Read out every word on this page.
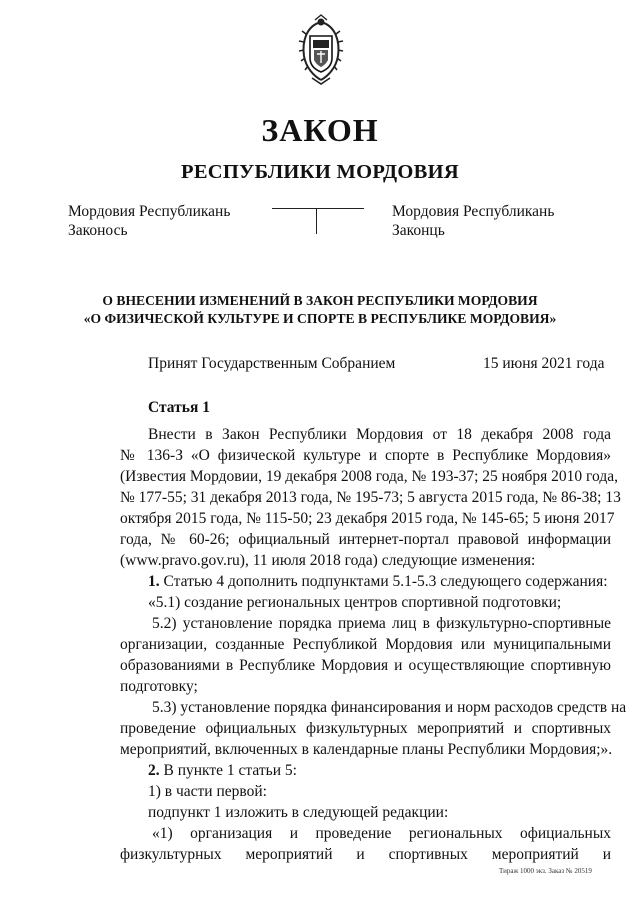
ЗАКОН
РЕСПУБЛИКИ МОРДОВИЯ
Мордовия Республикань
Законось
Мордовия Республикань
Законць
О ВНЕСЕНИИ ИЗМЕНЕНИЙ В ЗАКОН РЕСПУБЛИКИ МОРДОВИЯ
«О ФИЗИЧЕСКОЙ КУЛЬТУРЕ И СПОРТЕ В РЕСПУБЛИКЕ МОРДОВИЯ»
Принят Государственным Собранием	15 июня 2021 года
Статья 1
Внести в Закон Республики Мордовия от 18 декабря 2008 года
№ 136-З «О физической культуре и спорте в Республике Мордовия»
(Известия Мордовии, 19 декабря 2008 года, № 193-37; 25 ноября 2010 года,
№ 177-55; 31 декабря 2013 года, № 195-73; 5 августа 2015 года, № 86-38; 13
октября 2015 года, № 115-50; 23 декабря 2015 года, № 145-65; 5 июня 2017
года, № 60-26; официальный интернет-портал правовой информации
(www.pravo.gov.ru), 11 июля 2018 года) следующие изменения:
1. Статью 4 дополнить подпунктами 5.1-5.3 следующего содержания:
«5.1) создание региональных центров спортивной подготовки;
5.2) установление порядка приема лиц в физкультурно-спортивные
организации, созданные Республикой Мордовия или муниципальными
образованиями в Республике Мордовия и осуществляющие спортивную
подготовку;
5.3) установление порядка финансирования и норм расходов средств на
проведение официальных физкультурных мероприятий и спортивных
мероприятий, включенных в календарные планы Республики Мордовия;».
2. В пункте 1 статьи 5:
1) в части первой:
подпункт 1 изложить в следующей редакции:
«1) организация и проведение региональных официальных
физкультурных мероприятий и спортивных мероприятий и
Тираж 1000 экз. Заказ № 20519
